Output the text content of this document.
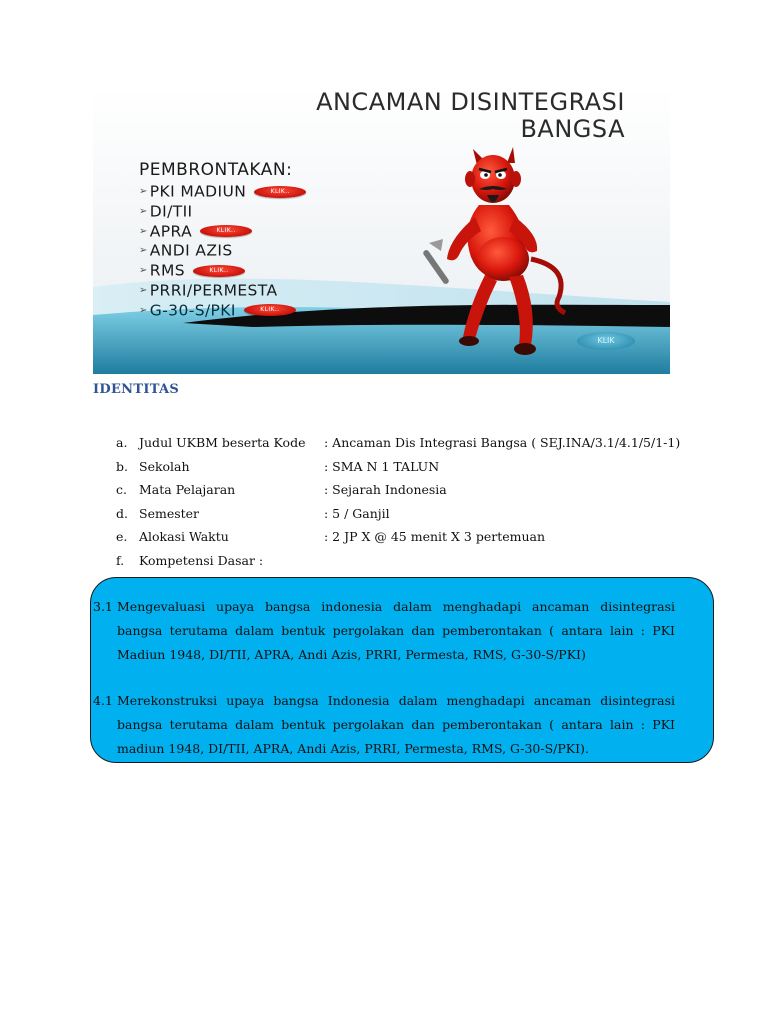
ANCAMAN DISINTEGRASI
BANGSA
PEMBRONTAKAN:
➢ PKI MADIUN	KLIK..
➢ DI/TII
➢ APRA	KLIK..
➢ ANDI AZIS
➢ RMS	KLIK..
➢ PRRI/PERMESTA
➢ G-30-S/PKI	KLIK..
KLIK
IDENTITAS
a. Judul UKBM beserta Kode : Ancaman Dis Integrasi Bangsa ( SEJ.INA/3.1/4.1/5/1-1)
b. Sekolah	: SMA N 1 TALUN
c. Mata Pelajaran	: Sejarah Indonesia
d. Semester	: 5 / Ganjil
e. Alokasi Waktu	: 2 JP X @ 45 menit X 3 pertemuan
f.	Kompetensi Dasar :
3.1 Mengevaluasi upaya bangsa indonesia dalam menghadapi ancaman disintegrasi bangsa terutama dalam bentuk pergolakan dan pemberontakan ( antara lain : PKI Madiun 1948, DI/TII, APRA, Andi Azis, PRRI, Permesta, RMS, G-30-S/PKI)
4.1 Merekonstruksi upaya bangsa Indonesia dalam menghadapi ancaman disintegrasi bangsa terutama dalam bentuk pergolakan dan pemberontakan ( antara lain : PKI madiun 1948, DI/TII, APRA, Andi Azis, PRRI, Permesta, RMS, G-30-S/PKI).
